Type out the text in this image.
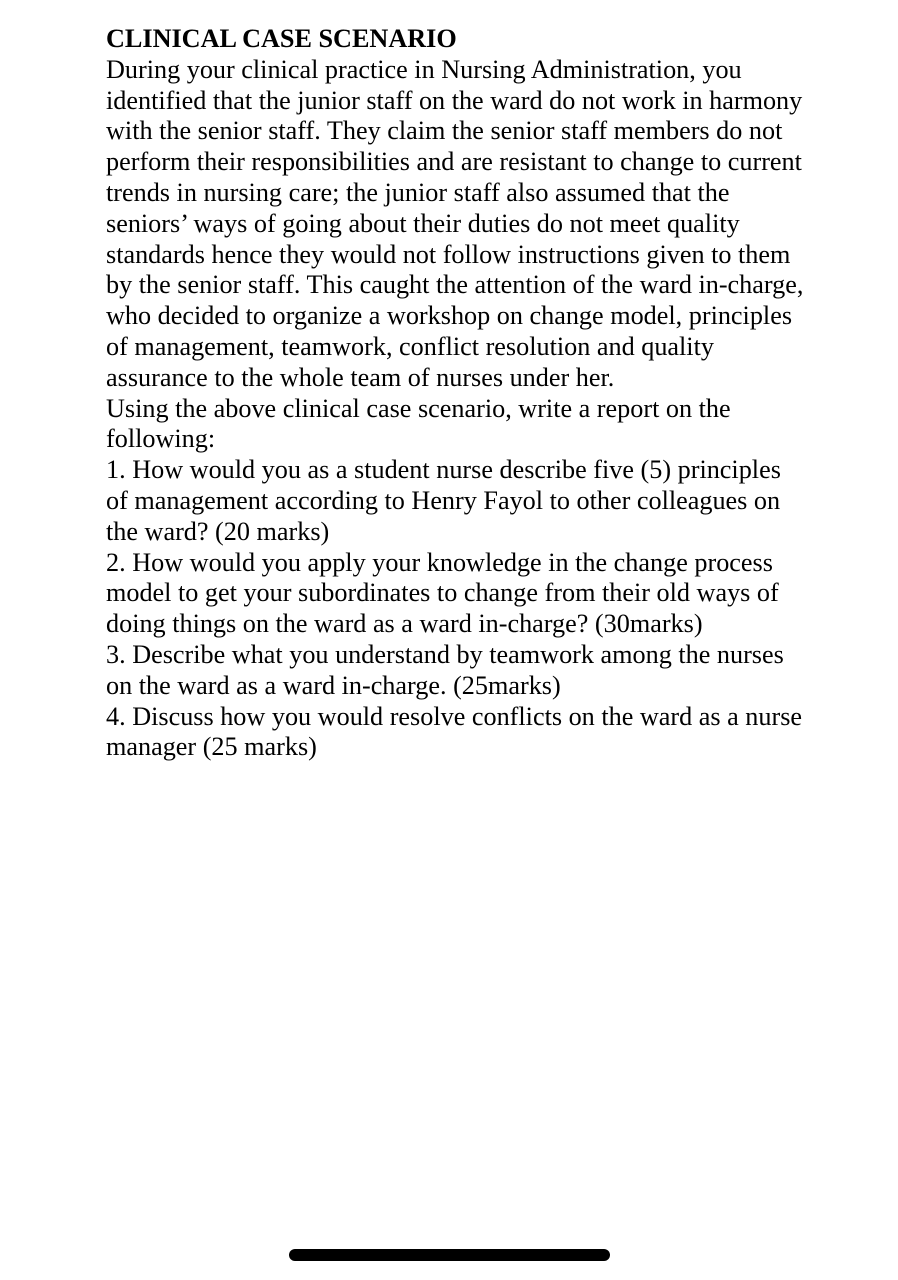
CLINICAL CASE SCENARIO

During your clinical practice in Nursing Administration, you identified that the junior staff on the ward do not work in harmony with the senior staff. They claim the senior staff members do not perform their responsibilities and are resistant to change to current trends in nursing care; the junior staff also assumed that the seniors’ ways of going about their duties do not meet quality standards hence they would not follow instructions given to them by the senior staff. This caught the attention of the ward in-charge, who decided to organize a workshop on change model, principles of management, teamwork, conflict resolution and quality assurance to the whole team of nurses under her.

Using the above clinical case scenario, write a report on the following:

1. How would you as a student nurse describe five (5) principles of management according to Henry Fayol to other colleagues on the ward? (20 marks)

2. How would you apply your knowledge in the change process model to get your subordinates to change from their old ways of doing things on the ward as a ward in-charge? (30marks)

3. Describe what you understand by teamwork among the nurses on the ward as a ward in-charge. (25marks)

4. Discuss how you would resolve conflicts on the ward as a nurse manager (25 marks)
